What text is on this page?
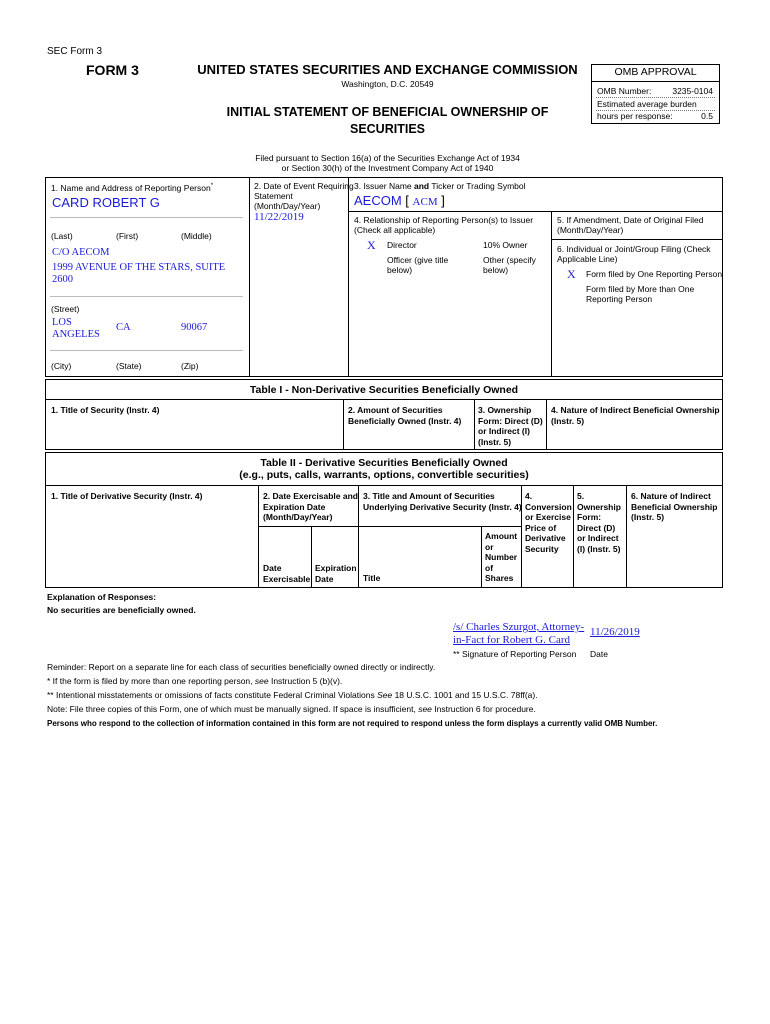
SEC Form 3
FORM 3	UNITED STATES SECURITIES AND EXCHANGE COMMISSION
Washington, D.C. 20549
INITIAL STATEMENT OF BENEFICIAL OWNERSHIP OF
SECURITIES
Filed pursuant to Section 16(a) of the Securities Exchange Act of 1934
or Section 30(h) of the Investment Company Act of 1940
OMB APPROVAL
OMB Number: 3235-0104
Estimated average burden
hours per response:	0.5
1. Name and Address of Reporting Person*
CARD ROBERT G
(Last)	(First)	(Middle)
C/O AECOM
1999 AVENUE OF THE STARS, SUITE
2600
(Street)
LOS
ANGELES
CA	90067
(City)	(State)	(Zip)
2. Date of Event Requiring
Statement
(Month/Day/Year)
11/22/2019
3. Issuer Name and Ticker or Trading Symbol
AECOM [ ACM ]
4. Relationship of Reporting Person(s) to Issuer
(Check all applicable)
X Director	10% Owner
Officer (give title
below)
Other (specify
below)
5. If Amendment, Date of Original Filed
(Month/Day/Year)
6. Individual or Joint/Group Filing (Check
Applicable Line)
X Form filed by One Reporting Person
Form filed by More than One
Reporting Person
Table I - Non-Derivative Securities Beneficially Owned
1. Title of Security (Instr. 4)	2. Amount of Securities
Beneficially Owned (Instr. 4)
3. Ownership
Form: Direct (D)
or Indirect (I)
(Instr. 5)
4. Nature of Indirect Beneficial Ownership
(Instr. 5)
Table II - Derivative Securities Beneficially Owned
(e.g., puts, calls, warrants, options, convertible securities)
1. Title of Derivative Security (Instr. 4)	2. Date Exercisable and
Expiration Date
(Month/Day/Year)
3. Title and Amount of Securities
Underlying Derivative Security (Instr. 4)
4.
Conversion
or Exercise
Price of
Derivative
Security
5.
Ownership
Form:
Direct (D)
or Indirect
(I) (Instr. 5)
6. Nature of Indirect
Beneficial Ownership
(Instr. 5)
Date
Exercisable
Expiration
Date	Title
Amount
or
Number
of
Shares
Explanation of Responses:
No securities are beneficially owned.
/s/ Charles Szurgot, Attorney-
in-Fact for Robert G. Card
11/26/2019
** Signature of Reporting Person Date
Reminder: Report on a separate line for each class of securities beneficially owned directly or indirectly.
* If the form is filed by more than one reporting person, see Instruction 5 (b)(v).
** Intentional misstatements or omissions of facts constitute Federal Criminal Violations See 18 U.S.C. 1001 and 15 U.S.C. 78ff(a).
Note: File three copies of this Form, one of which must be manually signed. If space is insufficient, see Instruction 6 for procedure.
Persons who respond to the collection of information contained in this form are not required to respond unless the form displays a currently valid OMB Number.
